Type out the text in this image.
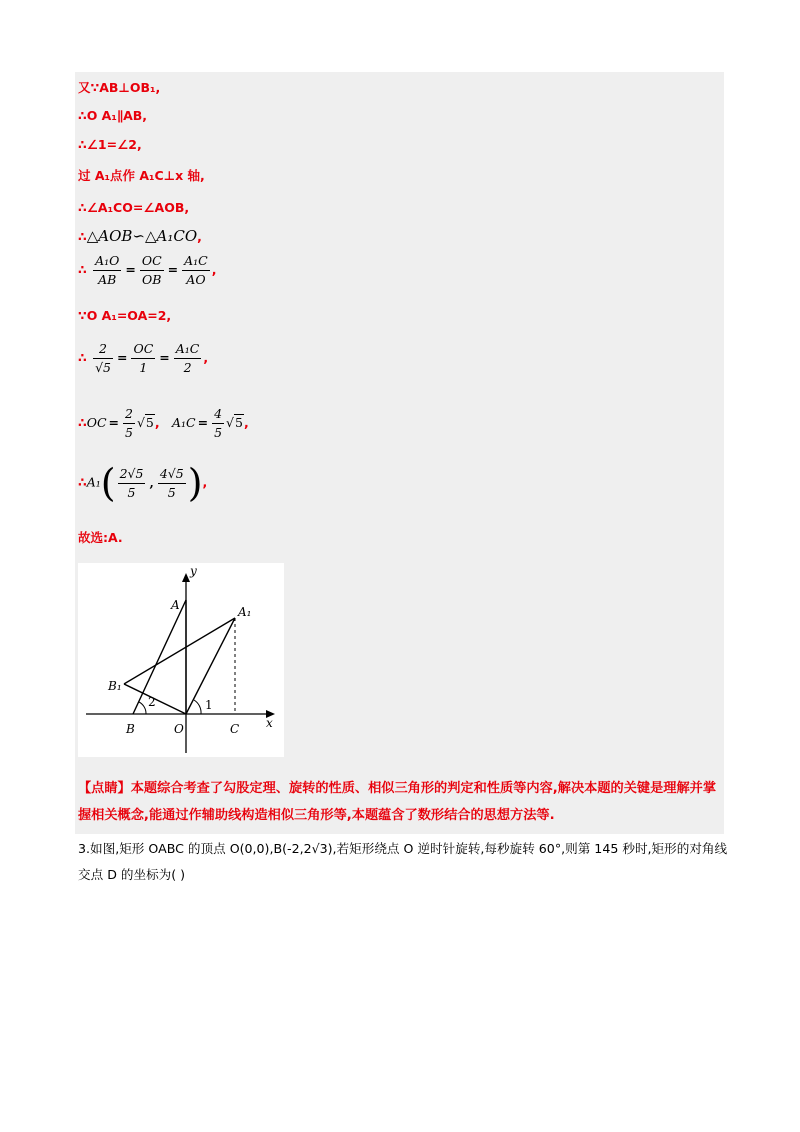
又∵AB⊥OB₁,
∴O A₁∥AB,
∴∠1=∠2,
过 A₁点作 A₁C⊥x 轴,
∴∠A₁CO=∠AOB,
∴△AOB∽△A₁CO,
∴ $\frac{\text{A₁O}}{AB} = \frac{OC}{OB} = \frac{\text{A₁C}}{AO}$ ,
∵O A₁=OA=2,
∴ $\frac{2}{√5} = \frac{OC}{1} = \frac{\text{A₁C}}{2}$ ,
∴OC = $\frac{2}{5} √5$, $A_1C = \frac{4}{5} √5$,
∴A₁( $\frac{2√5}{5}$ , $\frac{4√5}{5}$ ),
故选:A.
y
x
A	A₁
B₁
B	O	C
1
2
【点睛】本题综合考查了勾股定理、旋转的性质、相似三角形的判定和性质等内容,解决本题的关键是理解并掌握相关概念,能通过作辅助线构造相似三角形等,本题蕴含了数形结合的思想方法等.
3.如图,矩形 OABC 的顶点 O(0,0),B(-2,2√3),若矩形绕点 O 逆时针旋转,每秒旋转 60°,则第 145 秒时,矩形的对角线交点 D 的坐标为( )
